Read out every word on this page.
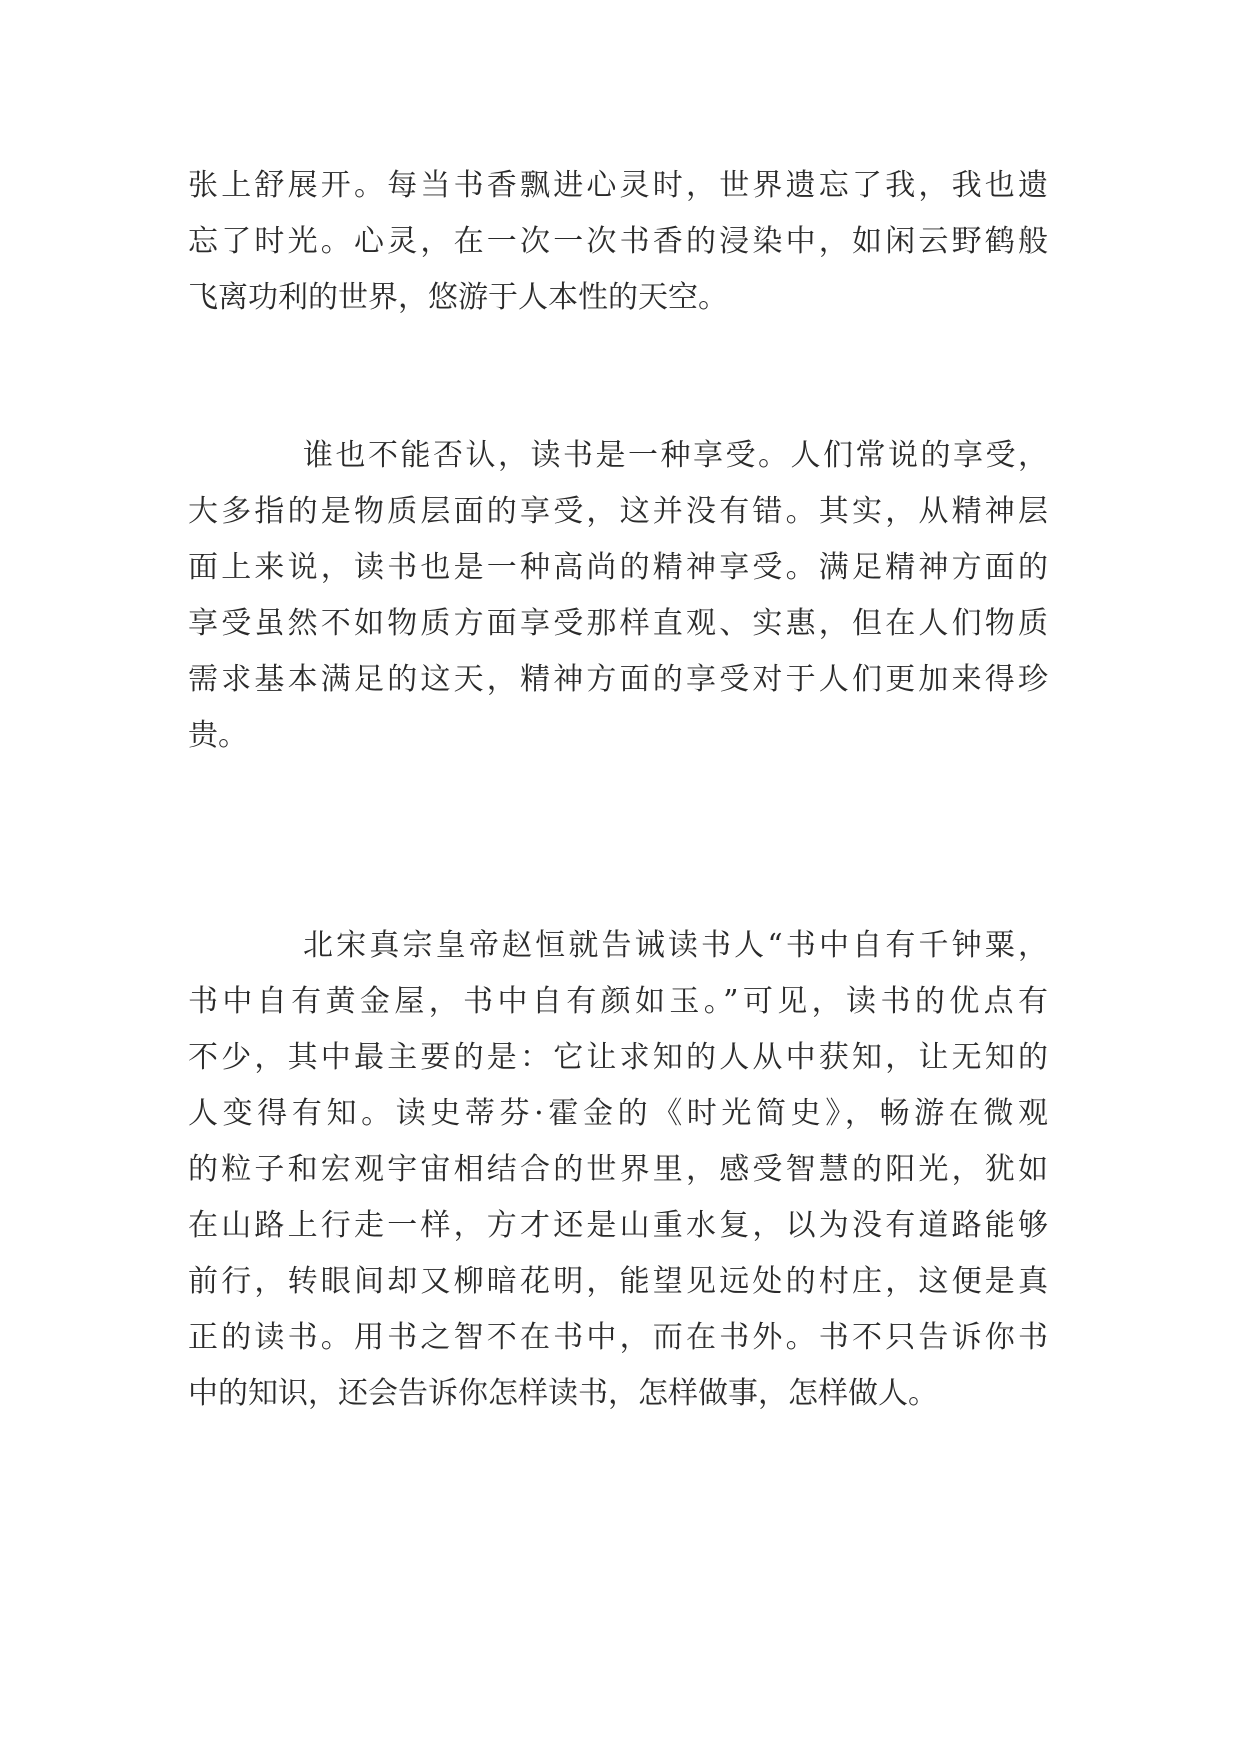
张上舒展开。每当书香飘进心灵时，世界遗忘了我，我也遗
忘了时光。心灵，在一次一次书香的浸染中，如闲云野鹤般
飞离功利的世界，悠游于人本性的天空。
谁也不能否认，读书是一种享受。人们常说的享受，
大多指的是物质层面的享受，这并没有错。其实，从精神层
面上来说，读书也是一种高尚的精神享受。满足精神方面的
享受虽然不如物质方面享受那样直观、实惠，但在人们物质
需求基本满足的这天，精神方面的享受对于人们更加来得珍
贵。
北宋真宗皇帝赵恒就告诫读书人“书中自有千钟粟，
书中自有黄金屋，书中自有颜如玉。”可见，读书的优点有
不少，其中最主要的是：它让求知的人从中获知，让无知的
人变得有知。读史蒂芬·霍金的《时光简史》，畅游在微观
的粒子和宏观宇宙相结合的世界里，感受智慧的阳光，犹如
在山路上行走一样，方才还是山重水复，以为没有道路能够
前行，转眼间却又柳暗花明，能望见远处的村庄，这便是真
正的读书。用书之智不在书中，而在书外。书不只告诉你书
中的知识，还会告诉你怎样读书，怎样做事，怎样做人。
